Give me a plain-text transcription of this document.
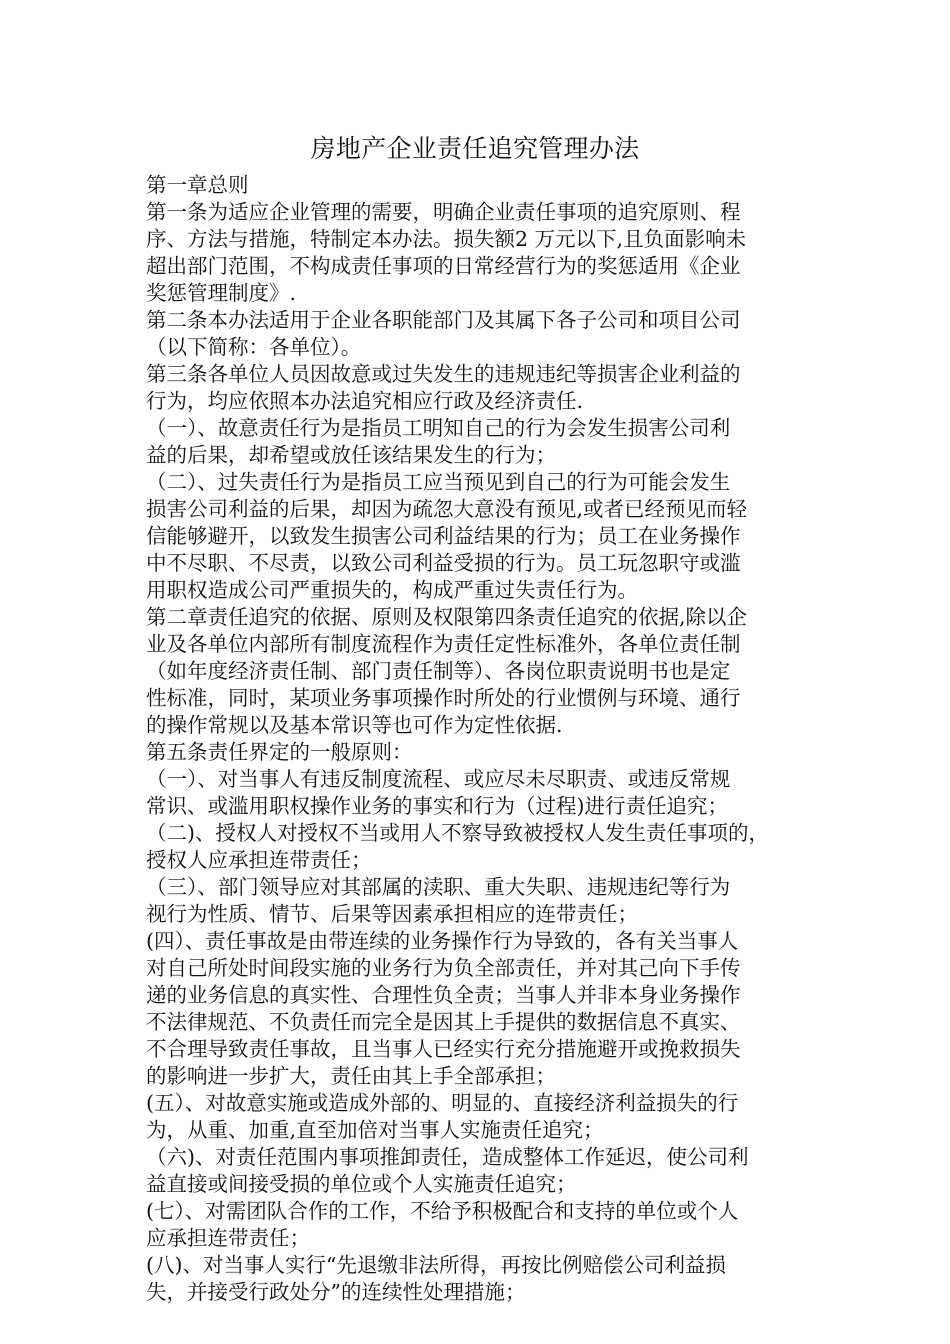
房地产企业责任追究管理办法
第一章总则
第一条为适应企业管理的需要，明确企业责任事项的追究原则、程
序、方法与措施，特制定本办法。损失额2 万元以下,且负面影响未
超出部门范围，不构成责任事项的日常经营行为的奖惩适用《企业
奖惩管理制度》.
第二条本办法适用于企业各职能部门及其属下各子公司和项目公司
（以下简称：各单位）。
第三条各单位人员因故意或过失发生的违规违纪等损害企业利益的
行为，均应依照本办法追究相应行政及经济责任.
（一）、故意责任行为是指员工明知自己的行为会发生损害公司利
益的后果，却希望或放任该结果发生的行为；
（二）、过失责任行为是指员工应当预见到自己的行为可能会发生
损害公司利益的后果，却因为疏忽大意没有预见,或者已经预见而轻
信能够避开，以致发生损害公司利益结果的行为；员工在业务操作
中不尽职、不尽责，以致公司利益受损的行为。员工玩忽职守或滥
用职权造成公司严重损失的，构成严重过失责任行为。
第二章责任追究的依据、原则及权限第四条责任追究的依据,除以企
业及各单位内部所有制度流程作为责任定性标准外，各单位责任制
（如年度经济责任制、部门责任制等）、各岗位职责说明书也是定
性标准，同时，某项业务事项操作时所处的行业惯例与环境、通行
的操作常规以及基本常识等也可作为定性依据.
第五条责任界定的一般原则：
（一）、对当事人有违反制度流程、或应尽未尽职责、或违反常规
常识、或滥用职权操作业务的事实和行为（过程)进行责任追究；
（二)、授权人对授权不当或用人不察导致被授权人发生责任事项的，
授权人应承担连带责任；
（三）、部门领导应对其部属的渎职、重大失职、违规违纪等行为
视行为性质、情节、后果等因素承担相应的连带责任；
(四）、责任事故是由带连续的业务操作行为导致的，各有关当事人
对自己所处时间段实施的业务行为负全部责任，并对其己向下手传
递的业务信息的真实性、合理性负全责；当事人并非本身业务操作
不法律规范、不负责任而完全是因其上手提供的数据信息不真实、
不合理导致责任事故，且当事人已经实行充分措施避开或挽救损失
的影响进一步扩大，责任由其上手全部承担；
(五）、对故意实施或造成外部的、明显的、直接经济利益损失的行
为，从重、加重,直至加倍对当事人实施责任追究；
（六)、对责任范围内事项推卸责任，造成整体工作延迟，使公司利
益直接或间接受损的单位或个人实施责任追究；
(七）、对需团队合作的工作，不给予积极配合和支持的单位或个人
应承担连带责任；
(八)、对当事人实行“先退缴非法所得，再按比例赔偿公司利益损
失，并接受行政处分”的连续性处理措施；
